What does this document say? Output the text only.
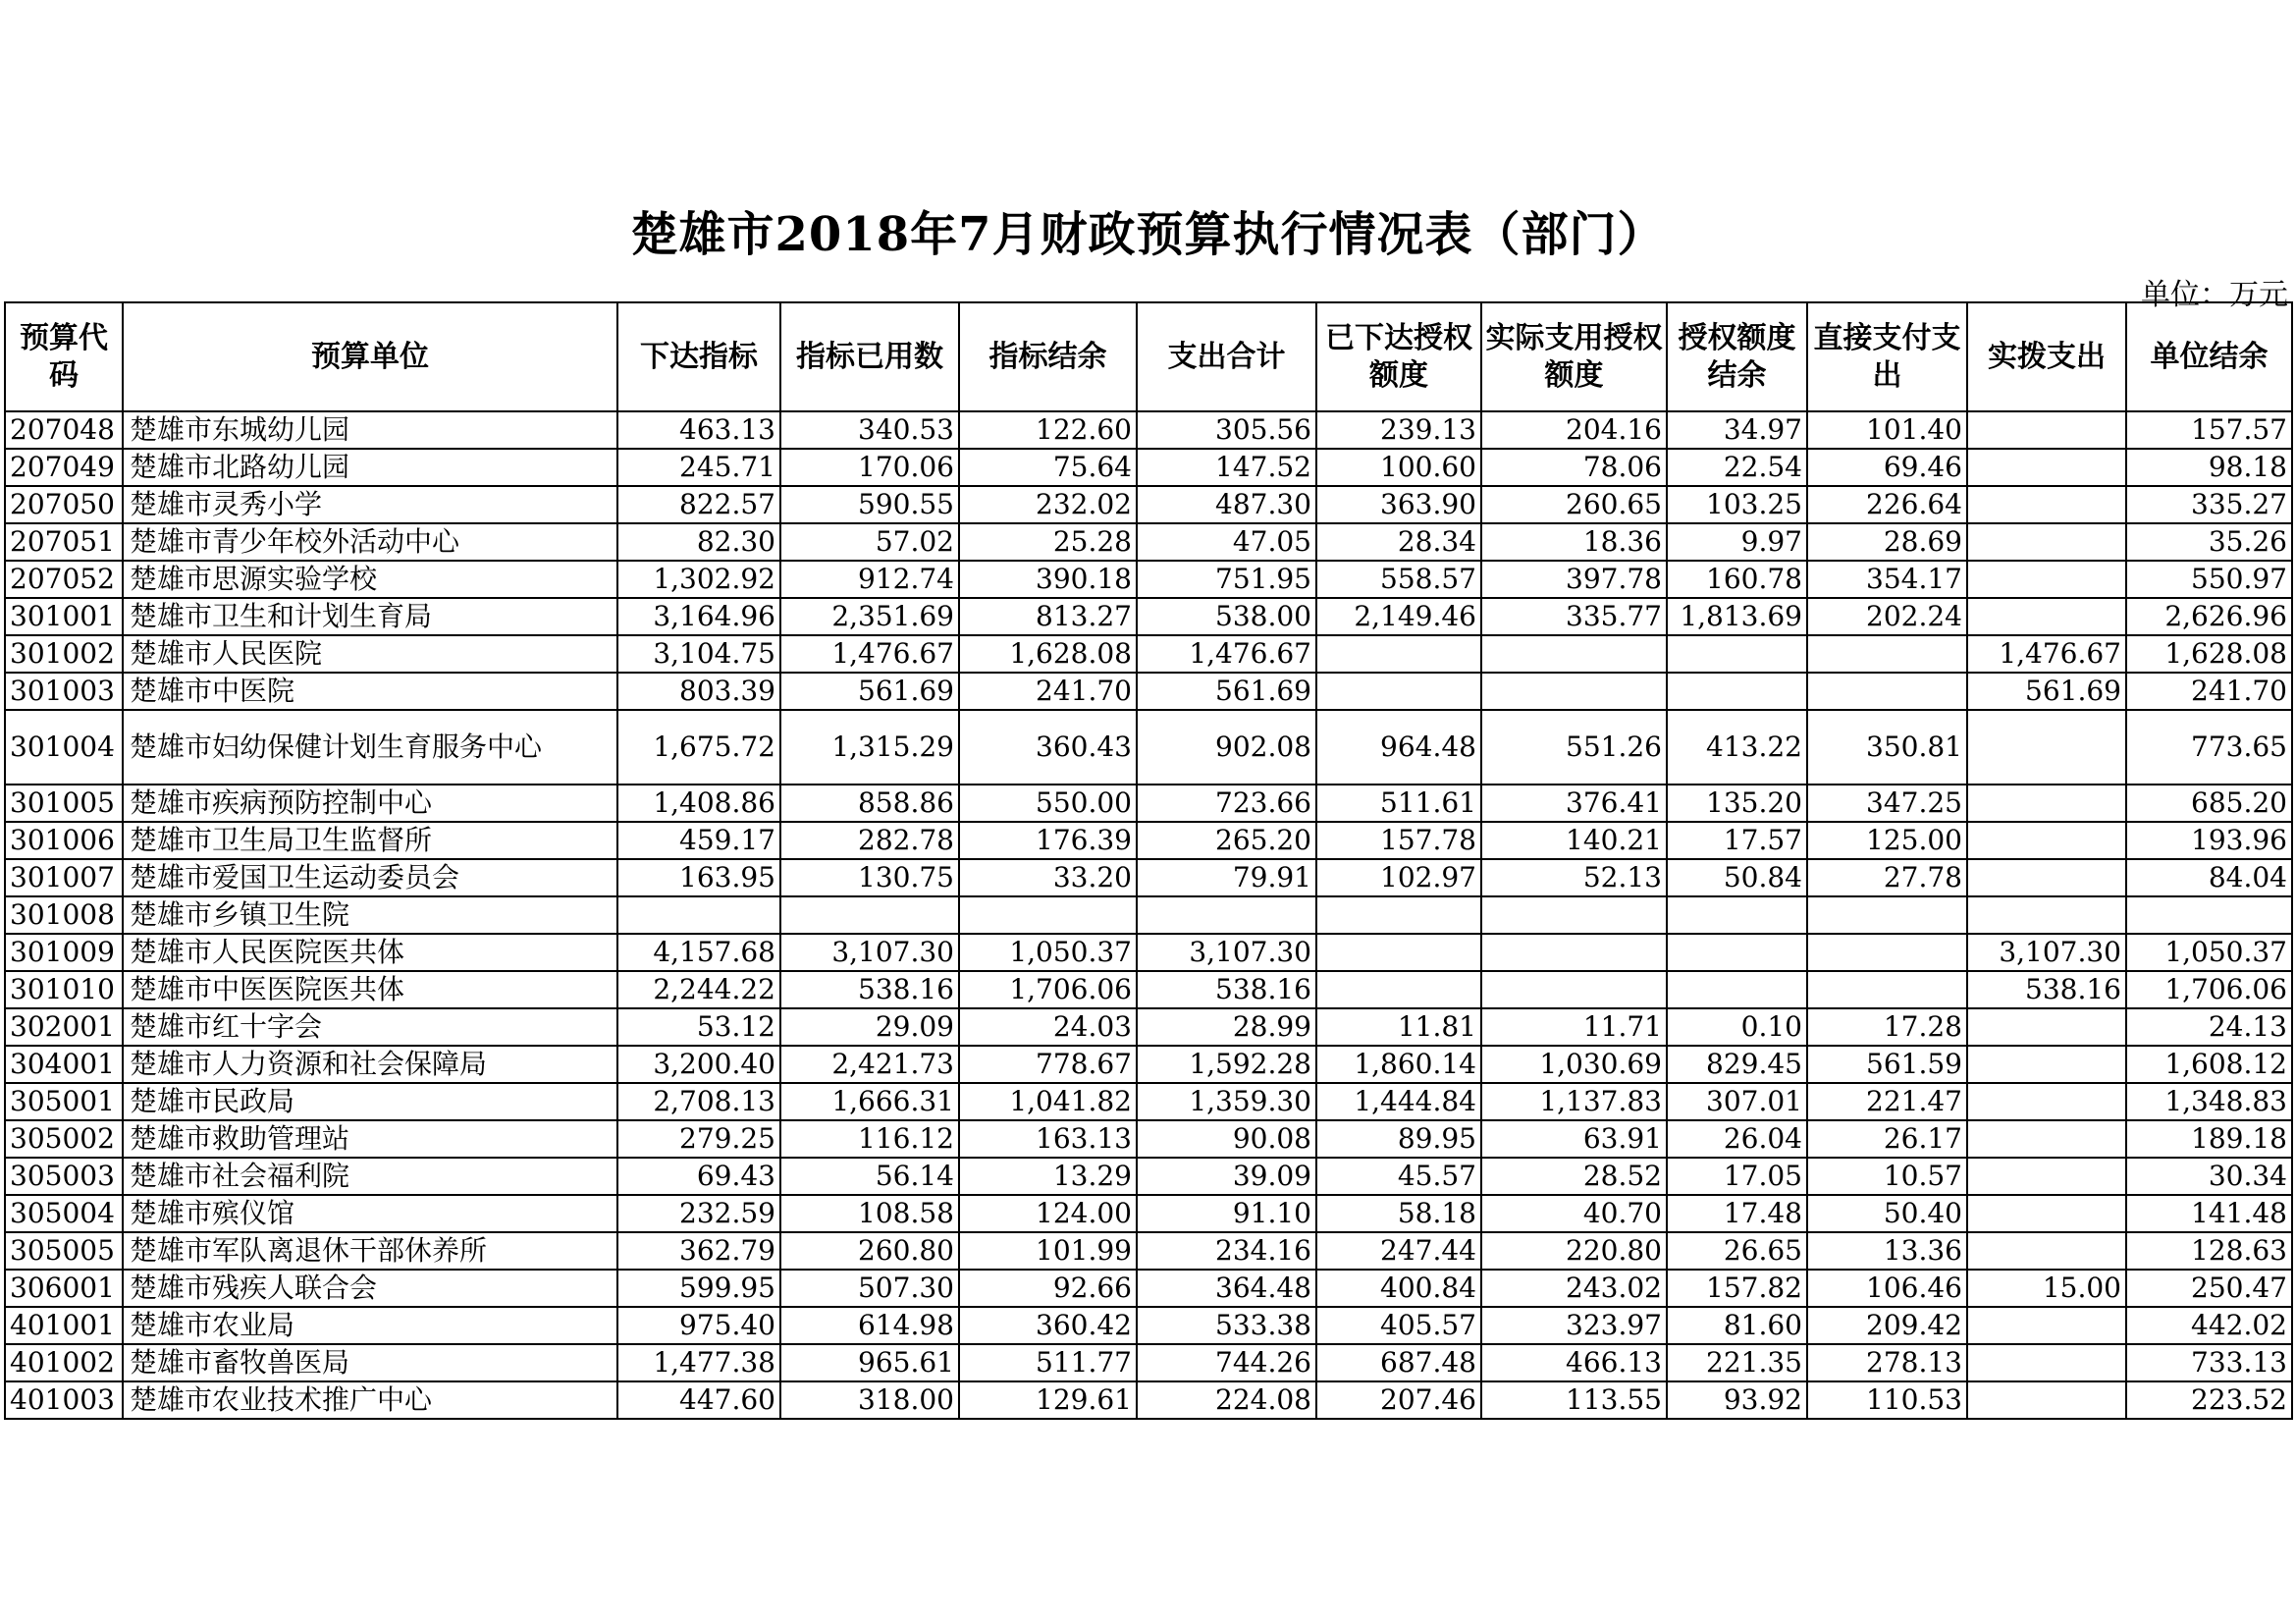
楚雄市2018年7月财政预算执行情况表（部门）
单位：万元
预算代码	预算单位	下达指标	指标已用数	指标结余	支出合计	已下达授权额度	实际支用授权额度	授权额度结余	直接支付支出	实拨支出	单位结余
207048	楚雄市东城幼儿园	463.13	340.53	122.60	305.56	239.13	204.16	34.97	101.40		157.57
207049	楚雄市北路幼儿园	245.71	170.06	75.64	147.52	100.60	78.06	22.54	69.46		98.18
207050	楚雄市灵秀小学	822.57	590.55	232.02	487.30	363.90	260.65	103.25	226.64		335.27
207051	楚雄市青少年校外活动中心	82.30	57.02	25.28	47.05	28.34	18.36	9.97	28.69		35.26
207052	楚雄市思源实验学校	1,302.92	912.74	390.18	751.95	558.57	397.78	160.78	354.17		550.97
301001	楚雄市卫生和计划生育局	3,164.96	2,351.69	813.27	538.00	2,149.46	335.77	1,813.69	202.24		2,626.96
301002	楚雄市人民医院	3,104.75	1,476.67	1,628.08	1,476.67					1,476.67	1,628.08
301003	楚雄市中医院	803.39	561.69	241.70	561.69					561.69	241.70
301004	楚雄市妇幼保健计划生育服务中心	1,675.72	1,315.29	360.43	902.08	964.48	551.26	413.22	350.81		773.65
301005	楚雄市疾病预防控制中心	1,408.86	858.86	550.00	723.66	511.61	376.41	135.20	347.25		685.20
301006	楚雄市卫生局卫生监督所	459.17	282.78	176.39	265.20	157.78	140.21	17.57	125.00		193.96
301007	楚雄市爱国卫生运动委员会	163.95	130.75	33.20	79.91	102.97	52.13	50.84	27.78		84.04
301008	楚雄市乡镇卫生院										
301009	楚雄市人民医院医共体	4,157.68	3,107.30	1,050.37	3,107.30					3,107.30	1,050.37
301010	楚雄市中医医院医共体	2,244.22	538.16	1,706.06	538.16					538.16	1,706.06
302001	楚雄市红十字会	53.12	29.09	24.03	28.99	11.81	11.71	0.10	17.28		24.13
304001	楚雄市人力资源和社会保障局	3,200.40	2,421.73	778.67	1,592.28	1,860.14	1,030.69	829.45	561.59		1,608.12
305001	楚雄市民政局	2,708.13	1,666.31	1,041.82	1,359.30	1,444.84	1,137.83	307.01	221.47		1,348.83
305002	楚雄市救助管理站	279.25	116.12	163.13	90.08	89.95	63.91	26.04	26.17		189.18
305003	楚雄市社会福利院	69.43	56.14	13.29	39.09	45.57	28.52	17.05	10.57		30.34
305004	楚雄市殡仪馆	232.59	108.58	124.00	91.10	58.18	40.70	17.48	50.40		141.48
305005	楚雄市军队离退休干部休养所	362.79	260.80	101.99	234.16	247.44	220.80	26.65	13.36		128.63
306001	楚雄市残疾人联合会	599.95	507.30	92.66	364.48	400.84	243.02	157.82	106.46	15.00	250.47
401001	楚雄市农业局	975.40	614.98	360.42	533.38	405.57	323.97	81.60	209.42		442.02
401002	楚雄市畜牧兽医局	1,477.38	965.61	511.77	744.26	687.48	466.13	221.35	278.13		733.13
401003	楚雄市农业技术推广中心	447.60	318.00	129.61	224.08	207.46	113.55	93.92	110.53		223.52
